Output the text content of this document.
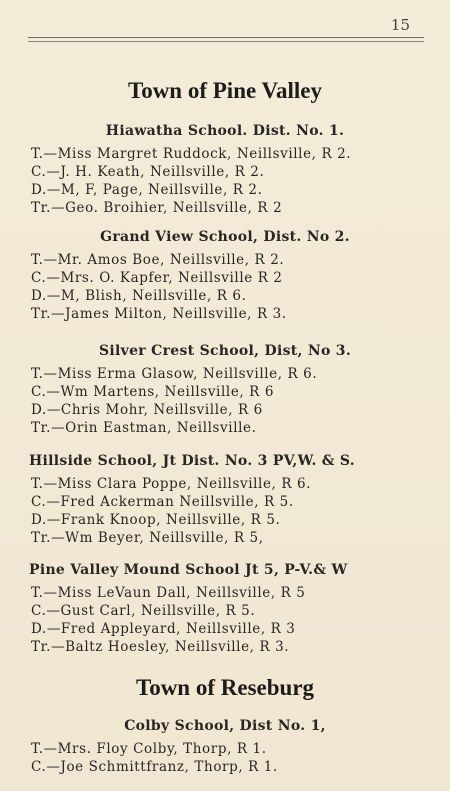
15
Town of Pine Valley
Hiawatha School. Dist. No. 1.
T.—Miss Margret Ruddock, Neillsville, R 2.
C.—J. H. Keath, Neillsville, R 2.
D.—M, F, Page, Neillsville, R 2.
Tr.—Geo. Broihier, Neillsville, R 2
Grand View School, Dist. No 2.
T.—Mr. Amos Boe, Neillsville, R 2.
C.—Mrs. O. Kapfer, Neillsville R 2
D.—M, Blish, Neillsville, R 6.
Tr.—James Milton, Neillsville, R 3.
Silver Crest School, Dist, No 3.
T.—Miss Erma Glasow, Neillsville, R 6.
C.—Wm Martens, Neillsville, R 6
D.—Chris Mohr, Neillsville, R 6
Tr.—Orin Eastman, Neillsville.
Hillside School, Jt Dist. No. 3 PV,W. & S.
T.—Miss Clara Poppe, Neillsville, R 6.
C.—Fred Ackerman Neillsville, R 5.
D.—Frank Knoop, Neillsville, R 5.
Tr.—Wm Beyer, Neillsville, R 5,
Pine Valley Mound School Jt 5, P-V.& W
T.—Miss LeVaun Dall, Neillsville, R 5
C.—Gust Carl, Neillsville, R 5.
D.—Fred Appleyard, Neillsville, R 3
Tr.—Baltz Hoesley, Neillsville, R 3.
Town of Reseburg
Colby School, Dist No. 1,
T.—Mrs. Floy Colby, Thorp, R 1.
C.—Joe Schmittfranz, Thorp, R 1.
